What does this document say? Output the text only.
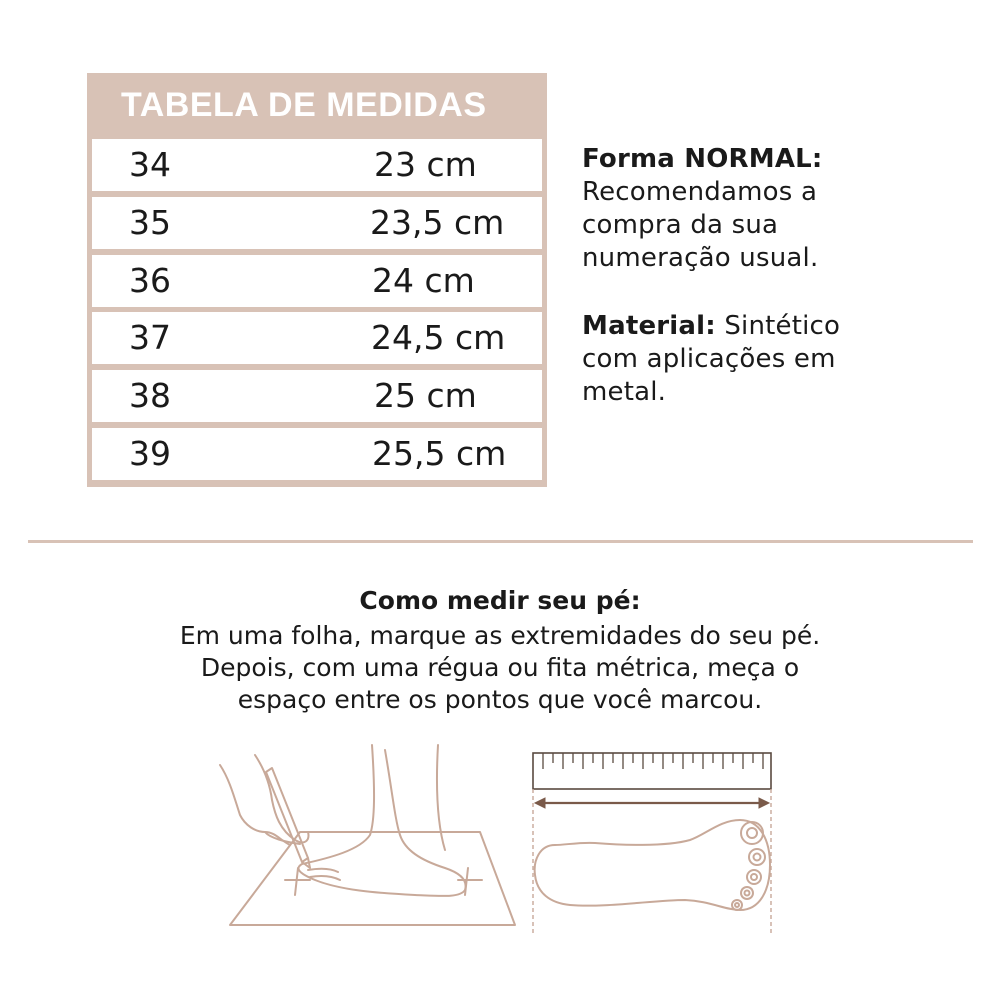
TABELA DE MEDIDAS
34	23 cm
35	23,5 cm
36	24 cm
37	24,5 cm
38	25 cm
39	25,5 cm
Forma NORMAL:
Recomendamos a
compra da sua
numeração usual.
Material: Sintético
com aplicações em
metal.
Como medir seu pé:
Em uma folha, marque as extremidades do seu pé.
Depois, com uma régua ou fita métrica, meça o
espaço entre os pontos que você marcou.
